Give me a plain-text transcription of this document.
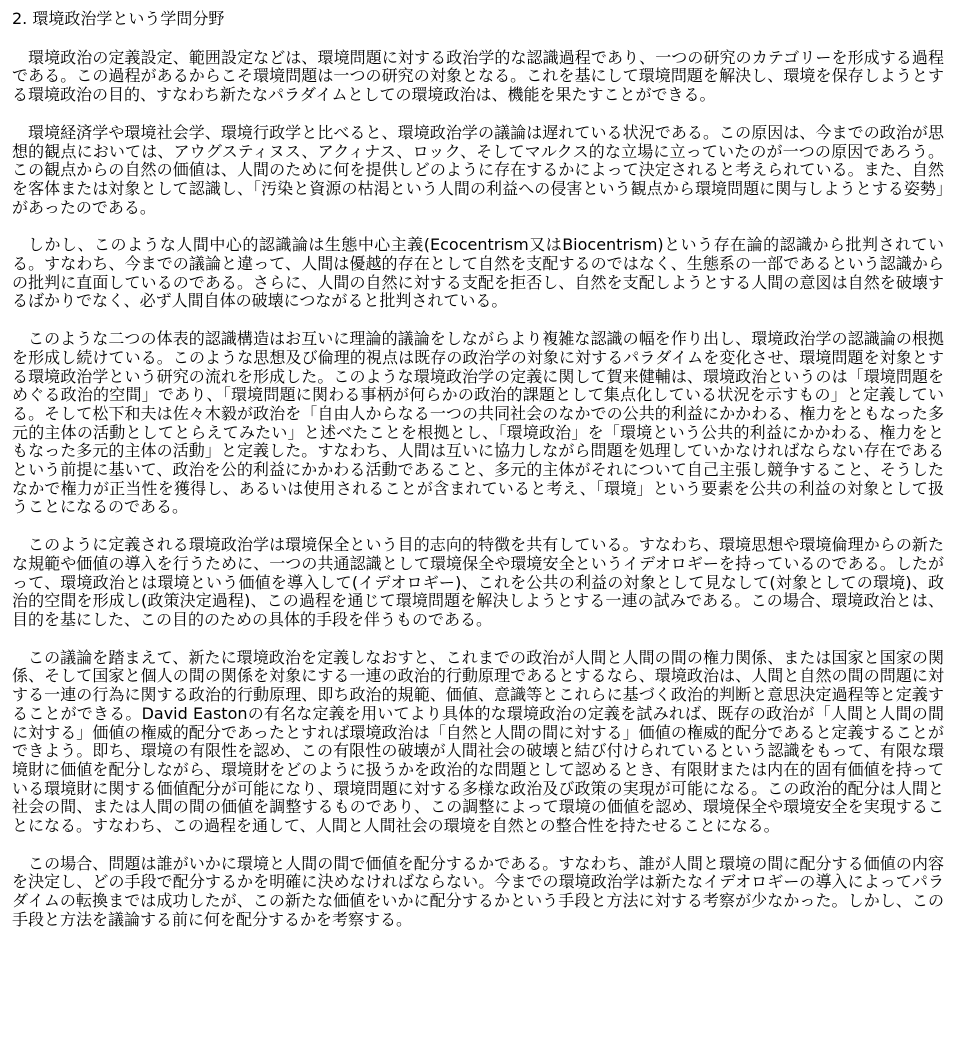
2. 環境政治学という学問分野

環境政治の定義設定、範囲設定などは、環境問題に対する政治学的な認識過程であり、一つの研究のカテゴリーを形成する過程である。この過程があるからこそ環境問題は一つの研究の対象となる。これを基にして環境問題を解決し、環境を保存しようとする環境政治の目的、すなわち新たなパラダイムとしての環境政治は、機能を果たすことができる。

環境経済学や環境社会学、環境行政学と比べると、環境政治学の議論は遅れている状況である。この原因は、今までの政治が思想的観点においては、アウグスティヌス、アクィナス、ロック、そしてマルクス的な立場に立っていたのが一つの原因であろう。この観点からの自然の価値は、人間のために何を提供しどのように存在するかによって決定されると考えられている。また、自然を客体または対象として認識し、「汚染と資源の枯渇という人間の利益への侵害という観点から環境問題に関与しようとする姿勢」があったのである。

しかし、このような人間中心的認識論は生態中心主義(Ecocentrism又はBiocentrism)という存在論的認識から批判されている。すなわち、今までの議論と違って、人間は優越的存在として自然を支配するのではなく、生態系の一部であるという認識からの批判に直面しているのである。さらに、人間の自然に対する支配を拒否し、自然を支配しようとする人間の意図は自然を破壊するばかりでなく、必ず人間自体の破壊につながると批判されている。

このような二つの体表的認識構造はお互いに理論的議論をしながらより複雑な認識の幅を作り出し、環境政治学の認識論の根拠を形成し続けている。このような思想及び倫理的視点は既存の政治学の対象に対するパラダイムを変化させ、環境問題を対象とする環境政治学という研究の流れを形成した。このような環境政治学の定義に関して賀来健輔は、環境政治というのは「環境問題をめぐる政治的空間」であり、「環境問題に関わる事柄が何らかの政治的課題として集点化している状況を示すもの」と定義している。そして松下和夫は佐々木毅が政治を「自由人からなる一つの共同社会のなかでの公共的利益にかかわる、権力をともなった多元的主体の活動としてとらえてみたい」と述べたことを根拠とし、「環境政治」を「環境という公共的利益にかかわる、権力をともなった多元的主体の活動」と定義した。すなわち、人間は互いに協力しながら問題を処理していかなければならない存在であるという前提に基いて、政治を公的利益にかかわる活動であること、多元的主体がそれについて自己主張し競争すること、そうしたなかで権力が正当性を獲得し、あるいは使用されることが含まれていると考え、「環境」という要素を公共の利益の対象として扱うことになるのである。

このように定義される環境政治学は環境保全という目的志向的特徴を共有している。すなわち、環境思想や環境倫理からの新たな規範や価値の導入を行うために、一つの共通認識として環境保全や環境安全というイデオロギーを持っているのである。したがって、環境政治とは環境という価値を導入して(イデオロギー)、これを公共の利益の対象として見なして(対象としての環境)、政治的空間を形成し(政策決定過程)、この過程を通じて環境問題を解決しようとする一連の試みである。この場合、環境政治とは、目的を基にした、この目的のための具体的手段を伴うものである。

この議論を踏まえて、新たに環境政治を定義しなおすと、これまでの政治が人間と人間の間の権力関係、または国家と国家の関係、そして国家と個人の間の関係を対象にする一連の政治的行動原理であるとするなら、環境政治は、人間と自然の間の問題に対する一連の行為に関する政治的行動原理、即ち政治的規範、価値、意識等とこれらに基づく政治的判断と意思決定過程等と定義することができる。David Eastonの有名な定義を用いてより具体的な環境政治の定義を試みれば、既存の政治が「人間と人間の間に対する」価値の権威的配分であったとすれば環境政治は「自然と人間の間に対する」価値の権威的配分であると定義することができよう。即ち、環境の有限性を認め、この有限性の破壊が人間社会の破壊と結び付けられているという認識をもって、有限な環境財に価値を配分しながら、環境財をどのように扱うかを政治的な問題として認めるとき、有限財または内在的固有価値を持っている環境財に関する価値配分が可能になり、環境問題に対する多様な政治及び政策の実現が可能になる。この政治的配分は人間と社会の間、または人間の間の価値を調整するものであり、この調整によって環境の価値を認め、環境保全や環境安全を実現することになる。すなわち、この過程を通して、人間と人間社会の環境を自然との整合性を持たせることになる。

この場合、問題は誰がいかに環境と人間の間で価値を配分するかである。すなわち、誰が人間と環境の間に配分する価値の内容を決定し、どの手段で配分するかを明確に決めなければならない。今までの環境政治学は新たなイデオロギーの導入によってパラダイムの転換までは成功したが、この新たな価値をいかに配分するかという手段と方法に対する考察が少なかった。しかし、この手段と方法を議論する前に何を配分するかを考察する。
